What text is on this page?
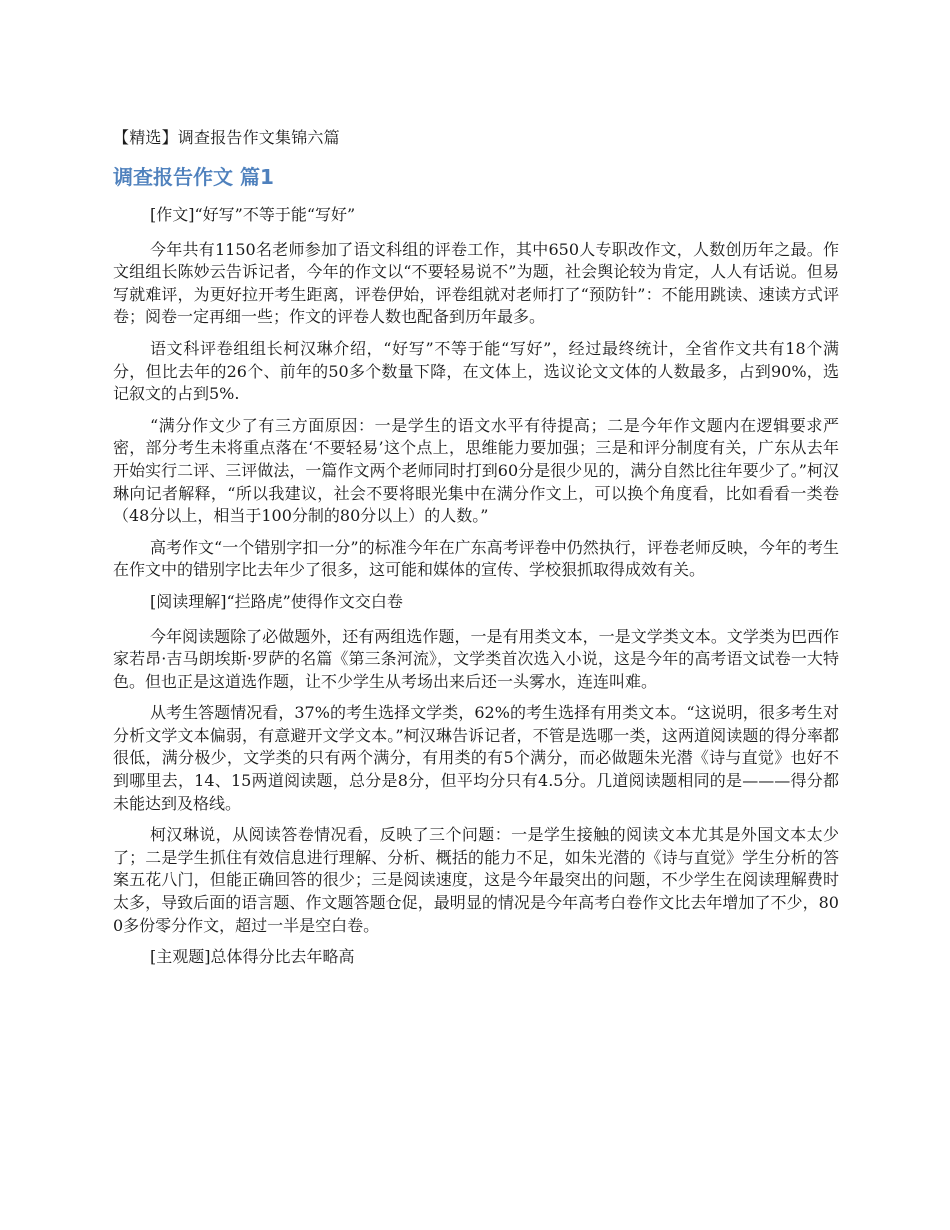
【精选】调查报告作文集锦六篇
调查报告作文 篇1

[作文]“好写”不等于能“写好”

今年共有1150名老师参加了语文科组的评卷工作，其中650人专职改作文，人数创历年之最。作文组组长陈妙云告诉记者，今年的作文以“不要轻易说不”为题，社会舆论较为肯定，人人有话说。但易写就难评，为更好拉开考生距离，评卷伊始，评卷组就对老师打了“预防针”：不能用跳读、速读方式评卷；阅卷一定再细一些；作文的评卷人数也配备到历年最多。

语文科评卷组组长柯汉琳介绍，“好写”不等于能“写好”，经过最终统计，全省作文共有18个满分，但比去年的26个、前年的50多个数量下降，在文体上，选议论文文体的人数最多，占到90%，选记叙文的占到5%.

“满分作文少了有三方面原因：一是学生的语文水平有待提高；二是今年作文题内在逻辑要求严密，部分考生未将重点落在‘不要轻易’这个点上，思维能力要加强；三是和评分制度有关，广东从去年开始实行二评、三评做法，一篇作文两个老师同时打到60分是很少见的，满分自然比往年要少了。”柯汉琳向记者解释，“所以我建议，社会不要将眼光集中在满分作文上，可以换个角度看，比如看看一类卷（48分以上，相当于100分制的80分以上）的人数。”

高考作文“一个错别字扣一分”的标准今年在广东高考评卷中仍然执行，评卷老师反映，今年的考生在作文中的错别字比去年少了很多，这可能和媒体的宣传、学校狠抓取得成效有关。

[阅读理解]“拦路虎”使得作文交白卷

今年阅读题除了必做题外，还有两组选作题，一是有用类文本，一是文学类文本。文学类为巴西作家若昂·吉马朗埃斯·罗萨的名篇《第三条河流》，文学类首次选入小说，这是今年的高考语文试卷一大特色。但也正是这道选作题，让不少学生从考场出来后还一头雾水，连连叫难。

从考生答题情况看，37%的考生选择文学类，62%的考生选择有用类文本。“这说明，很多考生对分析文学文本偏弱，有意避开文学文本。”柯汉琳告诉记者，不管是选哪一类，这两道阅读题的得分率都很低，满分极少，文学类的只有两个满分，有用类的有5个满分，而必做题朱光潜《诗与直觉》也好不到哪里去，14、15两道阅读题，总分是8分，但平均分只有4.5分。几道阅读题相同的是———得分都未能达到及格线。

柯汉琳说，从阅读答卷情况看，反映了三个问题：一是学生接触的阅读文本尤其是外国文本太少了；二是学生抓住有效信息进行理解、分析、概括的能力不足，如朱光潜的《诗与直觉》学生分析的答案五花八门，但能正确回答的很少；三是阅读速度，这是今年最突出的问题，不少学生在阅读理解费时太多，导致后面的语言题、作文题答题仓促，最明显的情况是今年高考白卷作文比去年增加了不少，800多份零分作文，超过一半是空白卷。

[主观题]总体得分比去年略高
